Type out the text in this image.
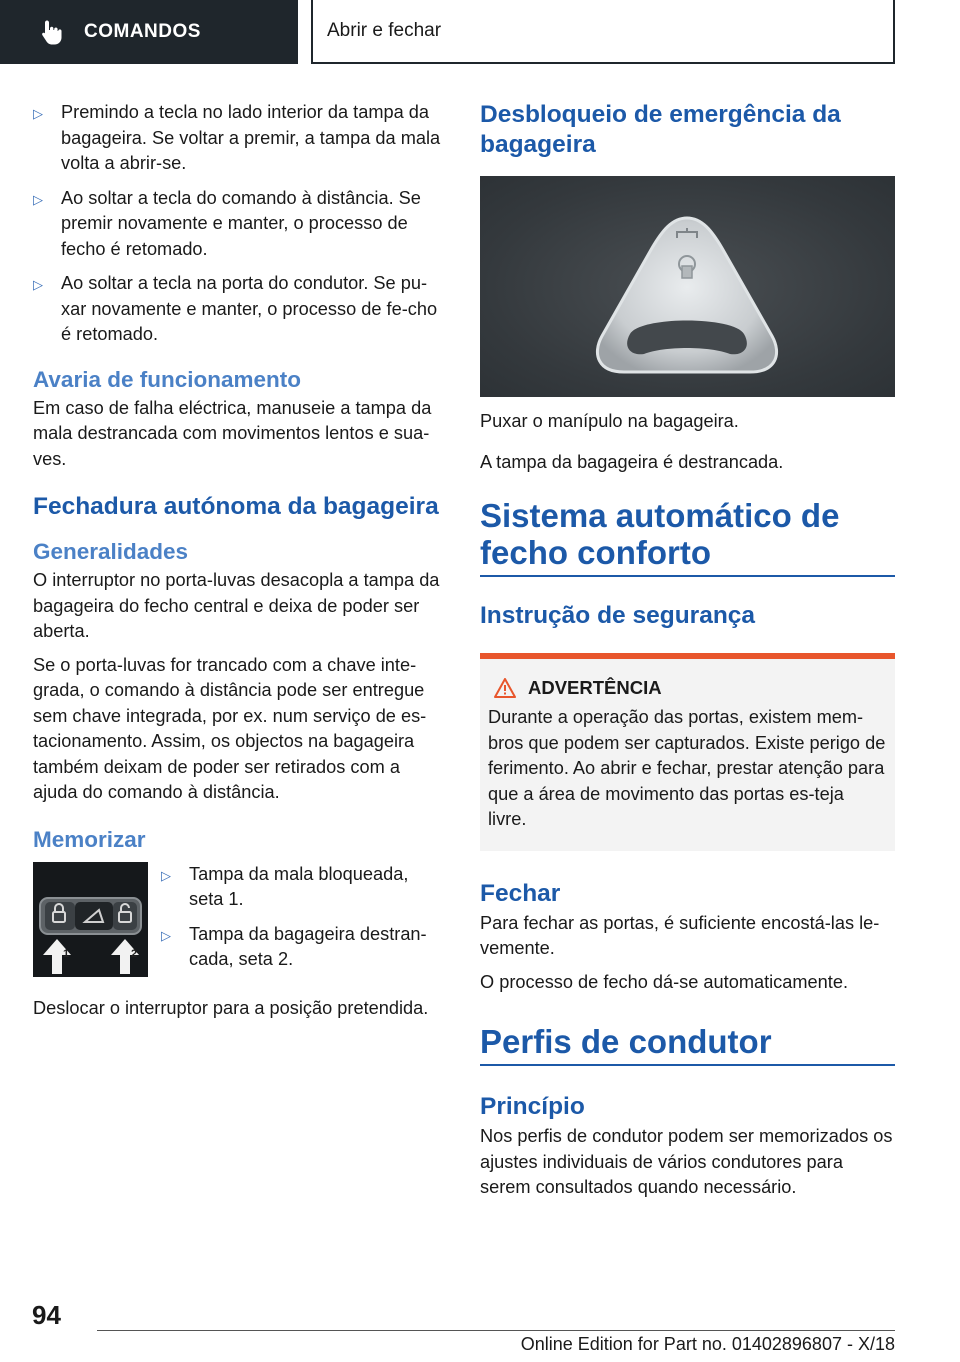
COMANDOS	Abrir e fechar
▷ Premindo a tecla no lado interior da tampa da bagageira. Se voltar a premir, a tampa da mala volta a abrir-se.
▷ Ao soltar a tecla do comando à distância. Se premir novamente e manter, o processo de fecho é retomado.
▷ Ao soltar a tecla na porta do condutor. Se pu-xar novamente e manter, o processo de fe-cho é retomado.
Avaria de funcionamento
Em caso de falha eléctrica, manuseie a tampa da mala destrancada com movimentos lentos e sua-ves.
Fechadura autónoma da bagageira
Generalidades
O interruptor no porta-luvas desacopla a tampa da bagageira do fecho central e deixa de poder ser aberta.
Se o porta-luvas for trancado com a chave inte-grada, o comando à distância pode ser entregue sem chave integrada, por ex. num serviço de es-tacionamento. Assim, os objectos na bagageira também deixam de poder ser retirados com a ajuda do comando à distância.
Memorizar
1	2
▷ Tampa da mala bloqueada, seta 1.
▷ Tampa da bagageira destran-cada, seta 2.
Deslocar o interruptor para a posição pretendida.
Desbloqueio de emergência da bagageira
Puxar o manípulo na bagageira.
A tampa da bagageira é destrancada.
Sistema automático de fecho conforto
Instrução de segurança
ADVERTÊNCIA
Durante a operação das portas, existem mem-bros que podem ser capturados. Existe perigo de ferimento. Ao abrir e fechar, prestar atenção para que a área de movimento das portas es-teja livre.
Fechar
Para fechar as portas, é suficiente encostá-las le-vemente.
O processo de fecho dá-se automaticamente.
Perfis de condutor
Princípio
Nos perfis de condutor podem ser memorizados os ajustes individuais de vários condutores para serem consultados quando necessário.
94
Online Edition for Part no. 01402896807 - X/18
